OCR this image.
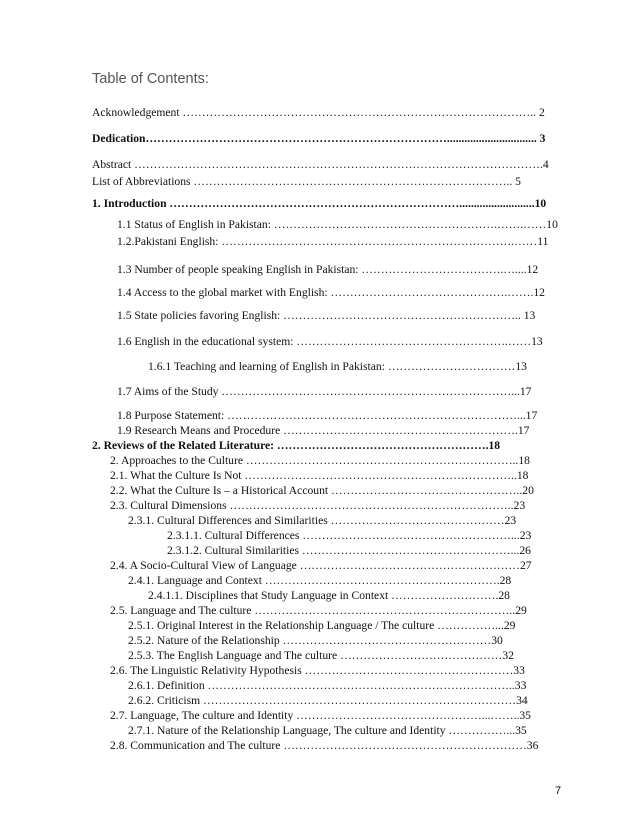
Table of Contents:
Acknowledgement ……………………………………………………………………………….. 2
Dedication……………………………………………………………………............................... 3
Abstract …………………………………………………………………………………………….4
List of Abbreviations ……………………………………………………………………….. 5
1. Introduction …………………………………………………………………..........................10
1.1 Status of English in Pakistan: ………………………………………………….…….……10
1.2.Pakistani English: ………………………………………………………………….……11
1.3 Number of people speaking English in Pakistan: ……………………………….…....12
1.4 Access to the global market with English: ……………………………………….…….12
1.5 State policies favoring English: …………………………………………………….. 13
1.6 English in the educational system: ……………………………………………….……13
1.6.1 Teaching and learning of English in Pakistan: ……………………………13
1.7 Aims of the Study …………………………………………………………………...17
1.8 Purpose Statement: …………………………………………………………………...17
1.9 Research Means and Procedure …………………………………………………….17
2. Reviews of the Related Literature: ……………………………………………….18
2. Approaches to the Culture ……………………………………………………………..18
2.1. What the Culture Is Not ……………………………………………………………..18
2.2. What the Culture Is – a Historical Account …………………………………………..20
2.3. Cultural Dimensions ………………………………………………………………..23
2.3.1. Cultural Differences and Similarities ………………………………………23
2.3.1.1. Cultural Differences ………………………………………………...23
2.3.1.2. Cultural Similarities ………………………………………………...26
2.4. A Socio-Cultural View of Language …………………………………………………27
2.4.1. Language and Context …………………………………………………….28
2.4.1.1. Disciplines that Study Language in Context ……………………….28
2.5. Language and The culture …………………………………………………………..29
2.5.1. Original Interest in the Relationship Language / The culture ……………...29
2.5.2. Nature of the Relationship ………………………………………………30
2.5.3. The English Language and The culture ……………………………………32
2.6. The Linguistic Relativity Hypothesis ………………………………………………33
2.6.1. Definition ……………………………………………………………………..33
2.6.2. Criticism ………………………………………………………………………34
2.7. Language, The culture and Identity …………………………………………...……..35
2.7.1. Nature of the Relationship Language, The culture and Identity ……………...35
2.8. Communication and The culture ………………………………………………………36
7
